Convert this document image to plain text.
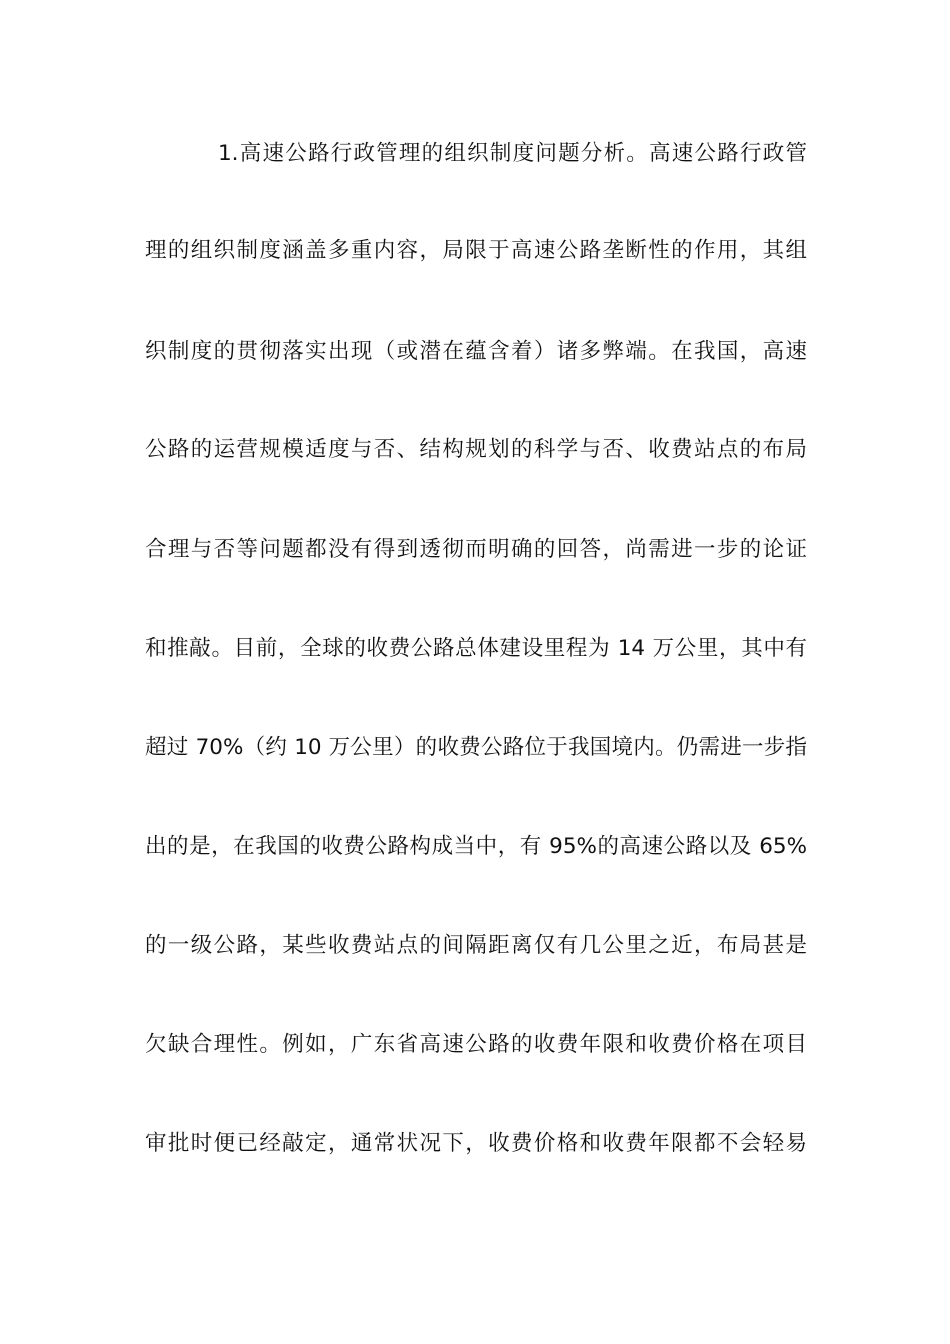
1.高速公路行政管理的组织制度问题分析。高速公路行政管
理的组织制度涵盖多重内容，局限于高速公路垄断性的作用，其组
织制度的贯彻落实出现（或潜在蕴含着）诸多弊端。在我国，高速
公路的运营规模适度与否、结构规划的科学与否、收费站点的布局
合理与否等问题都没有得到透彻而明确的回答，尚需进一步的论证
和推敲。目前，全球的收费公路总体建设里程为 14 万公里，其中有
超过 70%（约 10 万公里）的收费公路位于我国境内。仍需进一步指
出的是，在我国的收费公路构成当中，有 95%的高速公路以及 65%
的一级公路，某些收费站点的间隔距离仅有几公里之近，布局甚是
欠缺合理性。例如，广东省高速公路的收费年限和收费价格在项目
审批时便已经敲定，通常状况下，收费价格和收费年限都不会轻易
